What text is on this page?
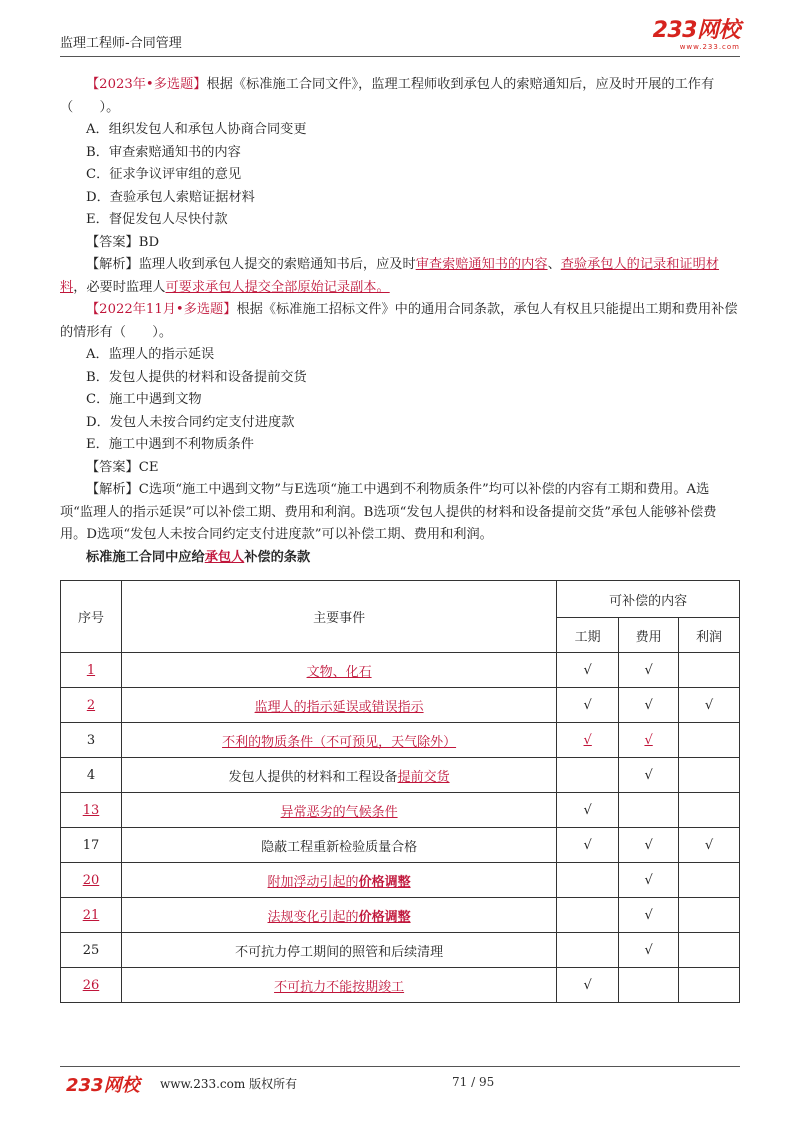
监理工程师-合同管理
233网校
www.233.com

【2023年•多选题】根据《标准施工合同文件》，监理工程师收到承包人的索赔通知后，应及时开展的工作有（　　）。

A．组织发包人和承包人协商合同变更

B．审查索赔通知书的内容

C．征求争议评审组的意见

D．查验承包人索赔证据材料

E．督促发包人尽快付款

【答案】BD

【解析】监理人收到承包人提交的索赔通知书后，应及时审查索赔通知书的内容、查验承包人的记录和证明材料，必要时监理人可要求承包人提交全部原始记录副本。

【2022年11月•多选题】根据《标准施工招标文件》中的通用合同条款，承包人有权且只能提出工期和费用补偿的情形有（　　）。

A．监理人的指示延误

B．发包人提供的材料和设备提前交货

C．施工中遇到文物

D．发包人未按合同约定支付进度款

E．施工中遇到不利物质条件

【答案】CE

【解析】C选项“施工中遇到文物”与E选项“施工中遇到不利物质条件”均可以补偿的内容有工期和费用。A选项“监理人的指示延误”可以补偿工期、费用和利润。B选项“发包人提供的材料和设备提前交货”承包人能够补偿费用。D选项“发包人未按合同约定支付进度款”可以补偿工期、费用和利润。

标准施工合同中应给承包人补偿的条款

序号	主要事件	可补偿的内容		
		工期	费用	利润
1	文物、化石	√	√	
2	监理人的指示延误或错误指示	√	√	√
3	不利的物质条件（不可预见，天气除外）	√	√	
4	发包人提供的材料和工程设备提前交货		√	
13	异常恶劣的气候条件	√		
17	隐蔽工程重新检验质量合格	√	√	√
20	附加浮动引起的价格调整		√	
21	法规变化引起的价格调整		√	
25	不可抗力停工期间的照管和后续清理		√	
26	不可抗力不能按期竣工	√		
233网校 www.233.com 版权所有	71 / 95
